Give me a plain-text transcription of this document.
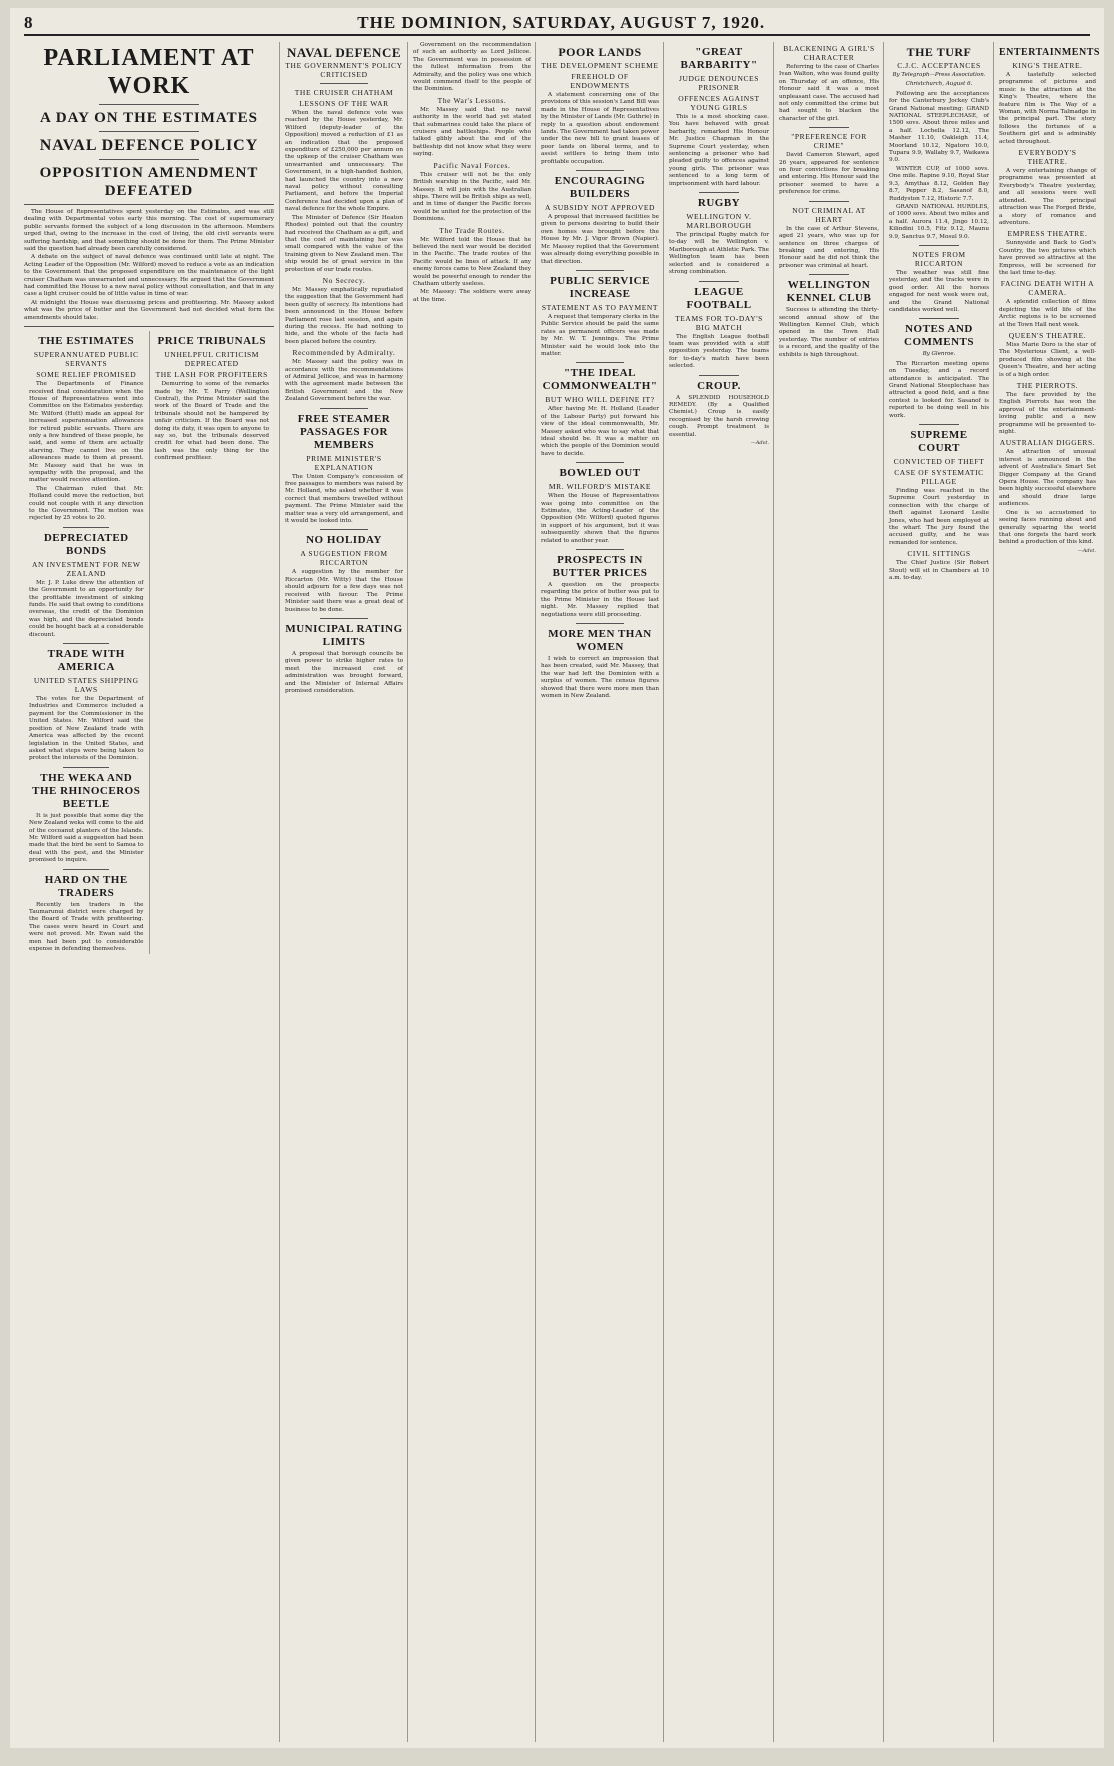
8	THE DOMINION, SATURDAY, AUGUST 7, 1920.
PARLIAMENT AT WORK
A DAY ON THE ESTIMATES
NAVAL DEFENCE POLICY
OPPOSITION AMENDMENT DEFEATED

The House of Representatives spent yesterday on the Estimates, and was still dealing with Departmental votes early this morning. The cost of supernumerary public servants formed the subject of a long discussion in the afternoon. Members urged that, owing to the increase in the cost of living, the old civil servants were suffering hardship, and that something should be done for them. The Prime Minister said the question had already been carefully considered.

A debate on the subject of naval defence was continued until late at night. The Acting Leader of the Opposition (Mr. Wilford) moved to reduce a vote as an indication to the Government that the proposed expenditure on the maintenance of the light cruiser Chatham was unwarranted and unnecessary. He argued that the Government had committed the House to a new naval policy without consultation, and that in any case a light cruiser could be of little value in time of war.

At midnight the House was discussing prices and profiteering. Mr. Massey asked what was the price of butter and the Government had not decided what form the amendments should take.

THE ESTIMATES
SUPERANNUATED PUBLIC SERVANTS
SOME RELIEF PROMISED

The Departments of Finance received final consideration when the House of Representatives went into Committee on the Estimates yesterday. Mr. Wilford (Hutt) made an appeal for increased superannuation allowances for retired public servants. There are only a few hundred of these people, he said, and some of them are actually starving. They cannot live on the allowances made to them at present. Mr. Massey said that he was in sympathy with the proposal, and the matter would receive attention.

The Chairman ruled that Mr. Holland could move the reduction, but could not couple with it any direction to the Government. The motion was rejected by 25 votes to 20.

DEPRECIATED BONDS
AN INVESTMENT FOR NEW ZEALAND

Mr. J. P. Luke drew the attention of the Government to an opportunity for the profitable investment of sinking funds. He said that owing to conditions overseas, the credit of the Dominion was high, and the depreciated bonds could be bought back at a considerable discount.

TRADE WITH AMERICA
UNITED STATES SHIPPING LAWS

The votes for the Department of Industries and Commerce included a payment for the Commissioner in the United States. Mr. Wilford said the position of New Zealand trade with America was affected by the recent legislation in the United States, and asked what steps were being taken to protect the interests of the Dominion.

THE WEKA AND THE RHINOCEROS BEETLE

It is just possible that some day the New Zealand weka will come to the aid of the cocoanut planters of the Islands. Mr. Wilford said a suggestion had been made that the bird be sent to Samoa to deal with the pest, and the Minister promised to inquire.

HARD ON THE TRADERS

Recently ten traders in the Taumarunui district were charged by the Board of Trade with profiteering. The cases were heard in Court and were not proved. Mr. Ewan said the men had been put to considerable expense in defending themselves.

PRICE TRIBUNALS
UNHELPFUL CRITICISM DEPRECATED
THE LASH FOR PROFITEERS

Demurring to some of the remarks made by Mr. T. Parry (Wellington Central), the Prime Minister said the work of the Board of Trade and the tribunals should not be hampered by unfair criticism. If the Board was not doing its duty, it was open to anyone to say so, but the tribunals deserved credit for what had been done. The lash was the only thing for the confirmed profiteer.

NAVAL DEFENCE
THE GOVERNMENT'S POLICY CRITICISED
THE CRUISER CHATHAM
LESSONS OF THE WAR

When the naval defence vote was reached by the House yesterday, Mr. Wilford (deputy-leader of the Opposition) moved a reduction of £1 as an indication that the proposed expenditure of £250,000 per annum on the upkeep of the cruiser Chatham was unwarranted and unnecessary. The Government, in a high-handed fashion, had launched the country into a new naval policy without consulting Parliament, and before the Imperial Conference had decided upon a plan of naval defence for the whole Empire.

The Minister of Defence (Sir Heaton Rhodes) pointed out that the country had received the Chatham as a gift, and that the cost of maintaining her was small compared with the value of the training given to New Zealand men. The ship would be of great service in the protection of our trade routes.

No Secrecy.

Mr. Massey emphatically repudiated the suggestion that the Government had been guilty of secrecy. Its intentions had been announced in the House before Parliament rose last session, and again during the recess. He had nothing to hide, and the whole of the facts had been placed before the country.

Recommended by Admiralty.

Mr. Massey said the policy was in accordance with the recommendations of Admiral Jellicoe, and was in harmony with the agreement made between the British Government and the New Zealand Government before the war.

FREE STEAMER PASSAGES FOR MEMBERS
PRIME MINISTER'S EXPLANATION

The Union Company's concession of free passages to members was raised by Mr. Holland, who asked whether it was correct that members travelled without payment. The Prime Minister said the matter was a very old arrangement, and it would be looked into.

NO HOLIDAY
A SUGGESTION FROM RICCARTON

A suggestion by the member for Riccarton (Mr. Witty) that the House should adjourn for a few days was not received with favour. The Prime Minister said there was a great deal of business to be done.

MUNICIPAL RATING LIMITS

A proposal that borough councils be given power to strike higher rates to meet the increased cost of administration was brought forward, and the Minister of Internal Affairs promised consideration.

Government on the recommendation of such an authority as Lord Jellicoe. The Government was in possession of the fullest information from the Admiralty, and the policy was one which would commend itself to the people of the Dominion.

The War's Lessons.

Mr. Massey said that no naval authority in the world had yet stated that submarines could take the place of cruisers and battleships. People who talked glibly about the end of the battleship did not know what they were saying.

Pacific Naval Forces.

This cruiser will not be the only British warship in the Pacific, said Mr. Massey. It will join with the Australian ships. There will be British ships as well, and in time of danger the Pacific forces would be united for the protection of the Dominions.

The Trade Routes.

Mr. Wilford told the House that he believed the next war would be decided in the Pacific. The trade routes of the Pacific would be lines of attack. If any enemy forces came to New Zealand they would be powerful enough to render the Chatham utterly useless.

Mr. Massey: The soldiers were away at the time.

POOR LANDS
THE DEVELOPMENT SCHEME
FREEHOLD OF ENDOWMENTS

A statement concerning one of the provisions of this session's Land Bill was made in the House of Representatives by the Minister of Lands (Mr. Guthrie) in reply to a question about endowment lands. The Government had taken power under the new bill to grant leases of poor lands on liberal terms, and to assist settlers to bring them into profitable occupation.

ENCOURAGING BUILDERS
A SUBSIDY NOT APPROVED

A proposal that increased facilities be given to persons desiring to build their own homes was brought before the House by Mr. J. Vigor Brown (Napier). Mr. Massey replied that the Government was already doing everything possible in that direction.

PUBLIC SERVICE INCREASE
STATEMENT AS TO PAYMENT

A request that temporary clerks in the Public Service should be paid the same rates as permanent officers was made by Mr. W. T. Jennings. The Prime Minister said he would look into the matter.

"THE IDEAL COMMONWEALTH"
BUT WHO WILL DEFINE IT?

After having Mr. H. Holland (Leader of the Labour Party) put forward his view of the ideal commonwealth, Mr. Massey asked who was to say what that ideal should be. It was a matter on which the people of the Dominion would have to decide.

BOWLED OUT
MR. WILFORD'S MISTAKE

When the House of Representatives was going into committee on the Estimates, the Acting-Leader of the Opposition (Mr. Wilford) quoted figures in support of his argument, but it was subsequently shown that the figures related to another year.

PROSPECTS IN BUTTER PRICES

A question on the prospects regarding the price of butter was put to the Prime Minister in the House last night. Mr. Massey replied that negotiations were still proceeding.

MORE MEN THAN WOMEN

I wish to correct an impression that has been created, said Mr. Massey, that the war had left the Dominion with a surplus of women. The census figures showed that there were more men than women in New Zealand.

"GREAT BARBARITY"
JUDGE DENOUNCES PRISONER
OFFENCES AGAINST YOUNG GIRLS

This is a most shocking case. You have behaved with great barbarity, remarked His Honour Mr. Justice Chapman in the Supreme Court yesterday, when sentencing a prisoner who had pleaded guilty to offences against young girls. The prisoner was sentenced to a long term of imprisonment with hard labour.

RUGBY
WELLINGTON V. MARLBOROUGH

The principal Rugby match for to-day will be Wellington v. Marlborough at Athletic Park. The Wellington team has been selected and is considered a strong combination.

LEAGUE FOOTBALL
TEAMS FOR TO-DAY'S BIG MATCH

The English League football team was provided with a stiff opposition yesterday. The teams for to-day's match have been selected.

CROUP.

A SPLENDID HOUSEHOLD REMEDY. (By a Qualified Chemist.) Croup is easily recognised by the harsh crowing cough. Prompt treatment is essential.

—Advt.
BLACKENING A GIRL'S CHARACTER

Referring to the case of Charles Ivan Walton, who was found guilty on Thursday of an offence, His Honour said it was a most unpleasant case. The accused had not only committed the crime but had sought to blacken the character of the girl.

"PREFERENCE FOR CRIME"

David Cameron Stewart, aged 26 years, appeared for sentence on four convictions for breaking and entering. His Honour said the prisoner seemed to have a preference for crime.

NOT CRIMINAL AT HEART

In the case of Arthur Stevens, aged 21 years, who was up for sentence on three charges of breaking and entering, His Honour said he did not think the prisoner was criminal at heart.

WELLINGTON KENNEL CLUB

Success is attending the thirty-second annual show of the Wellington Kennel Club, which opened in the Town Hall yesterday. The number of entries is a record, and the quality of the exhibits is high throughout.

THE TURF
C.J.C. ACCEPTANCES
By Telegraph—Press Association.
Christchurch, August 6.

Following are the acceptances for the Canterbury Jockey Club's Grand National meeting: GRAND NATIONAL STEEPLECHASE, of 1500 sovs. About three miles and a half. Lochella 12.12, The Masher 11.10, Oakleigh 11.4, Moorland 10.12, Ngatoro 10.0, Tupara 9.9, Wallaby 9.7, Waikawa 9.0.

WINTER CUP, of 1000 sovs. One mile. Rapine 9.10, Royal Star 9.3, Amythas 8.12, Golden Bay 8.7, Pepper 8.2, Sasanof 8.0, Ruddyston 7.12, Historic 7.7.

GRAND NATIONAL HURDLES, of 1000 sovs. About two miles and a half. Aurora 11.4, Jingo 10.12, Kilindini 10.5, Fitz 9.12, Maunu 9.9, Sanctus 9.7, Mosul 9.0.

NOTES FROM RICCARTON

The weather was still fine yesterday, and the tracks were in good order. All the horses engaged for next week were out, and the Grand National candidates worked well.

NOTES AND COMMENTS
By Glenroe.

The Riccarton meeting opens on Tuesday, and a record attendance is anticipated. The Grand National Steeplechase has attracted a good field, and a fine contest is looked for. Sasanof is reported to be doing well in his work.

SUPREME COURT
CONVICTED OF THEFT
CASE OF SYSTEMATIC PILLAGE

Finding was reached in the Supreme Court yesterday in connection with the charge of theft against Leonard Leslie Jones, who had been employed at the wharf. The jury found the accused guilty, and he was remanded for sentence.

CIVIL SITTINGS

The Chief Justice (Sir Robert Stout) will sit in Chambers at 10 a.m. to-day.

ENTERTAINMENTS
KING'S THEATRE.

A tastefully selected programme of pictures and music is the attraction at the King's Theatre, where the feature film is The Way of a Woman, with Norma Talmadge in the principal part. The story follows the fortunes of a Southern girl and is admirably acted throughout.

EVERYBODY'S THEATRE.

A very entertaining change of programme was presented at Everybody's Theatre yesterday, and all sessions were well attended. The principal attraction was The Forged Bride, a story of romance and adventure.

EMPRESS THEATRE.

Sunnyside and Back to God's Country, the two pictures which have proved so attractive at the Empress, will be screened for the last time to-day.

FACING DEATH WITH A CAMERA.

A splendid collection of films depicting the wild life of the Arctic regions is to be screened at the Town Hall next week.

QUEEN'S THEATRE.

Miss Marie Doro is the star of The Mysterious Client, a well-produced film showing at the Queen's Theatre, and her acting is of a high order.

THE PIERROTS.

The fare provided by the English Pierrots has won the approval of the entertainment-loving public and a new programme will be presented to-night.

AUSTRALIAN DIGGERS.

An attraction of unusual interest is announced in the advent of Australia's Smart Set Digger Company at the Grand Opera House. The company has been highly successful elsewhere and should draw large audiences.

One is so accustomed to seeing faces running about and generally squaring the world that one forgets the hard work behind a production of this kind.

—Advt.
